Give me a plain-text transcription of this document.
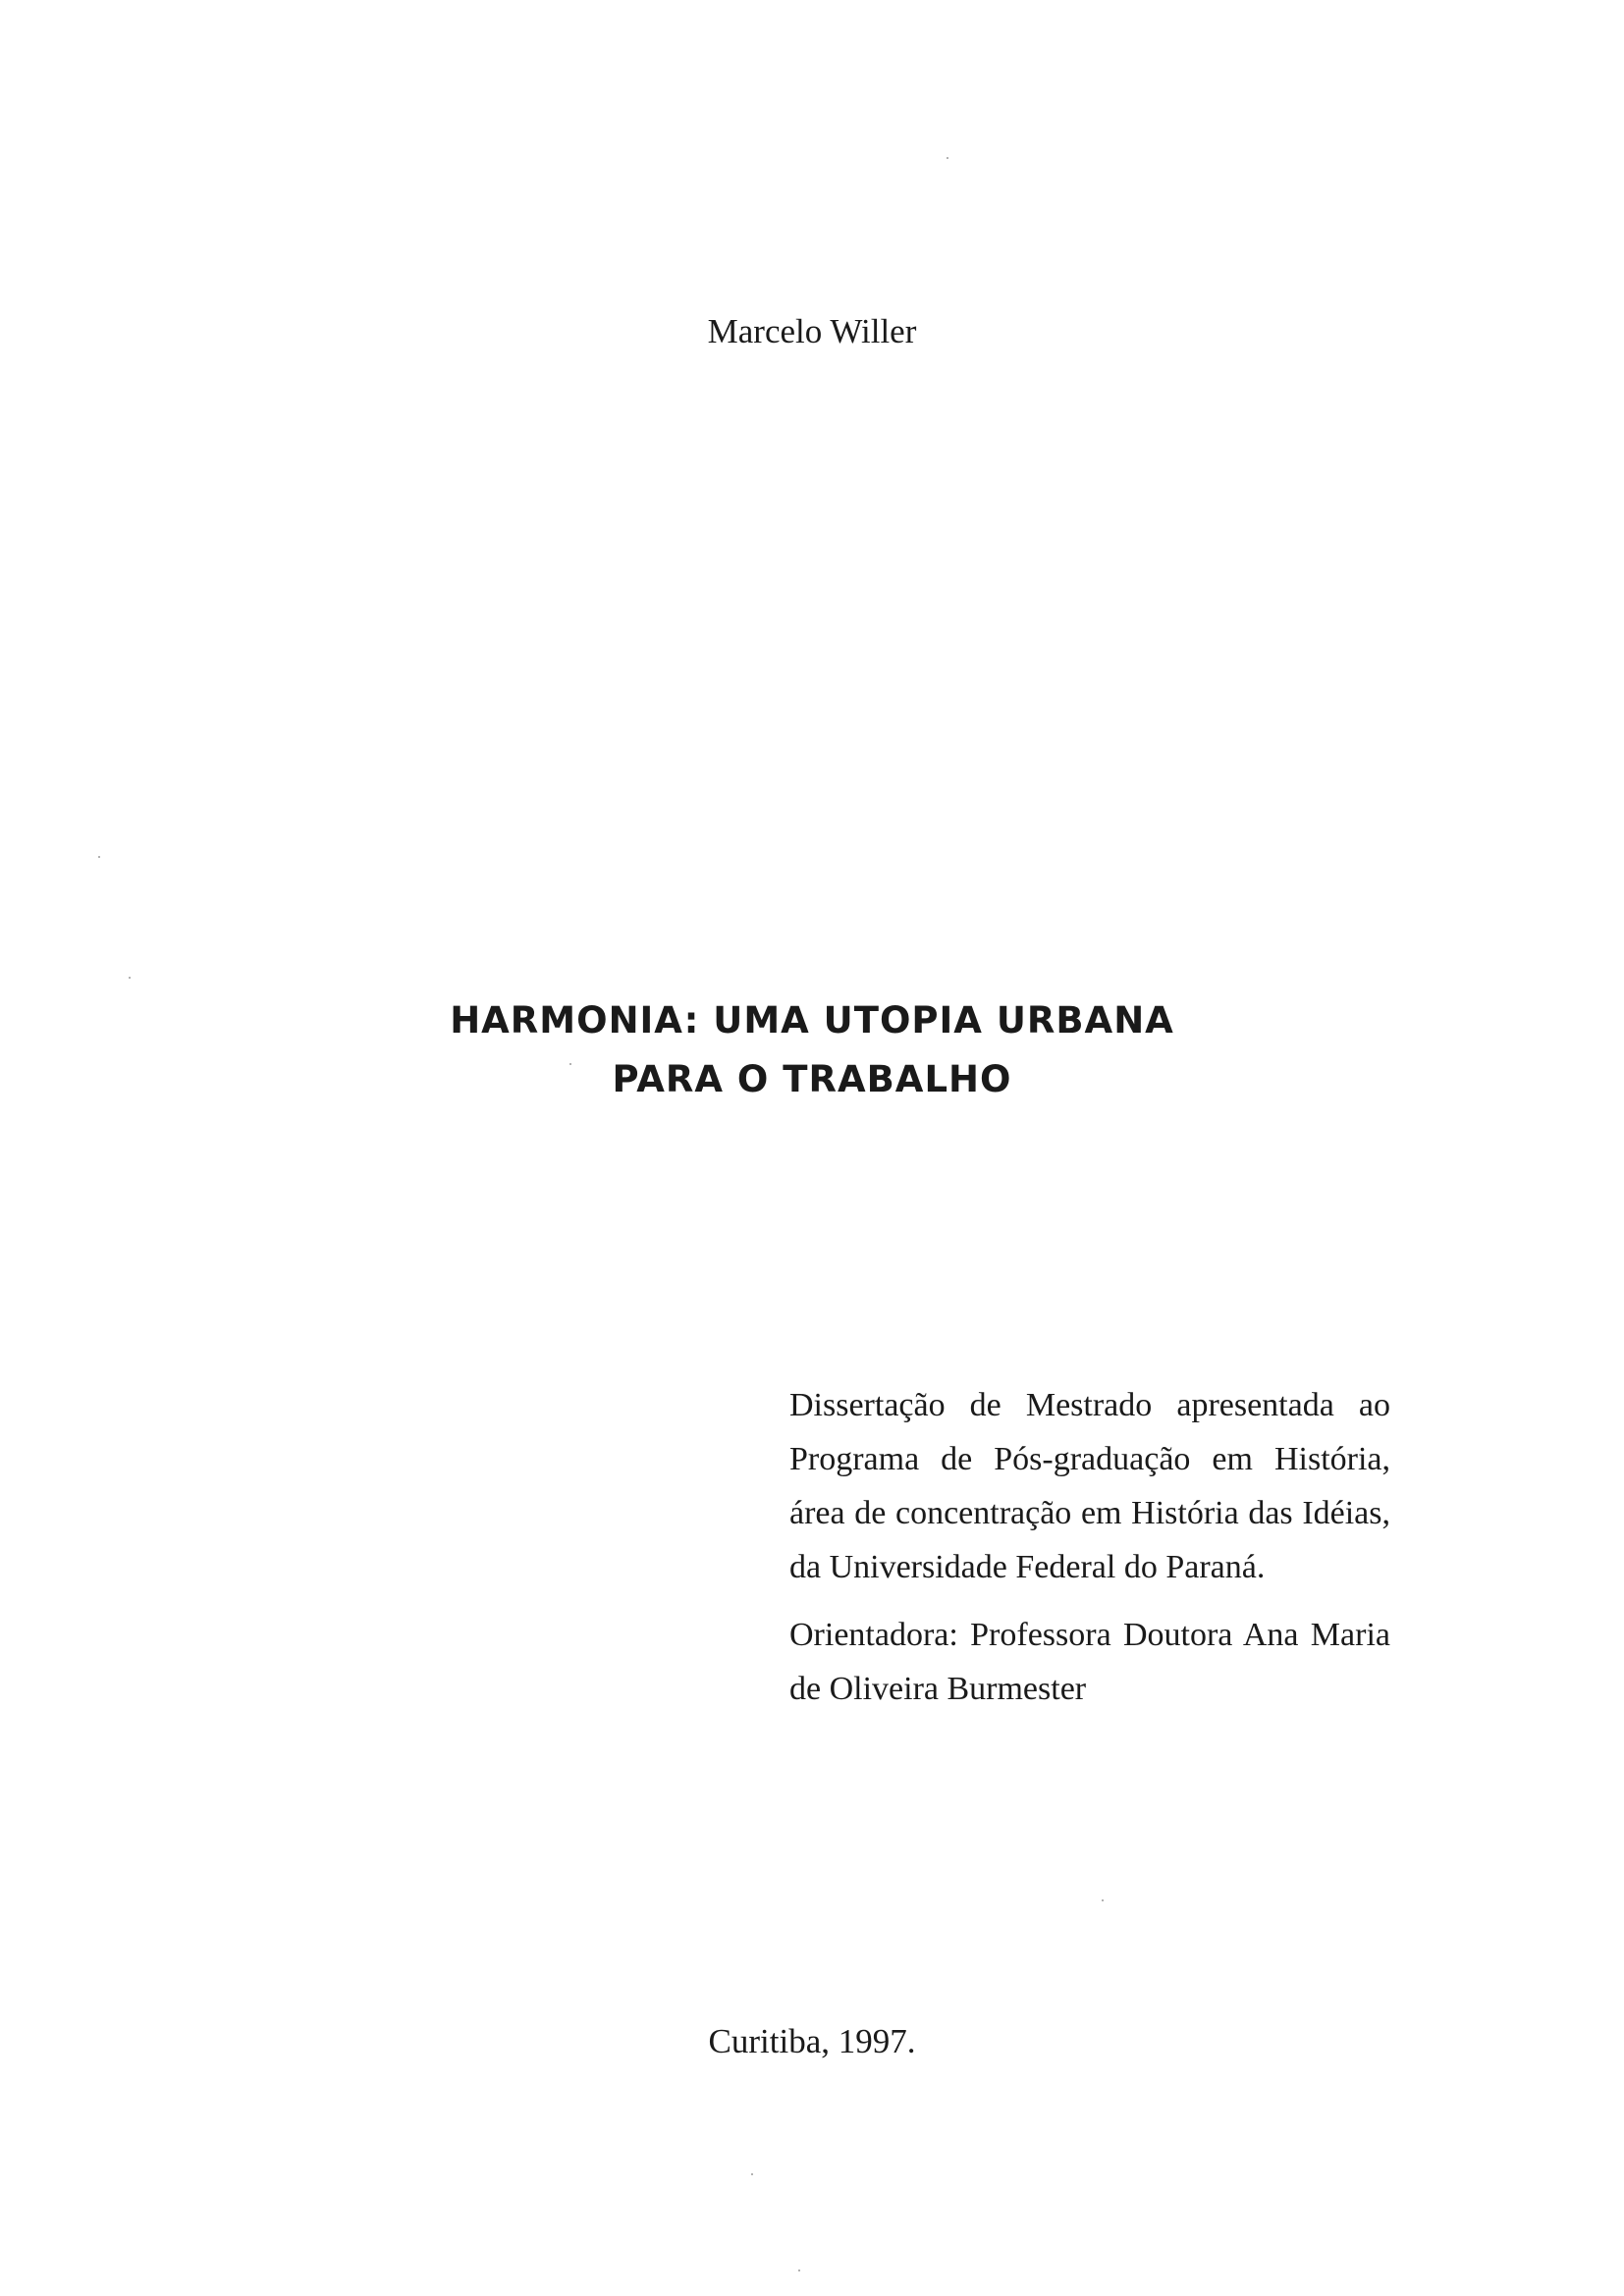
Marcelo Willer
HARMONIA: UMA UTOPIA URBANA
PARA O TRABALHO

Dissertação de Mestrado apresentada ao
Programa de Pós-graduação em História,
área de concentração em História das Idéias,
da Universidade Federal do Paraná.

Orientadora: Professora Doutora Ana Maria
de Oliveira Burmester

Curitiba, 1997.
